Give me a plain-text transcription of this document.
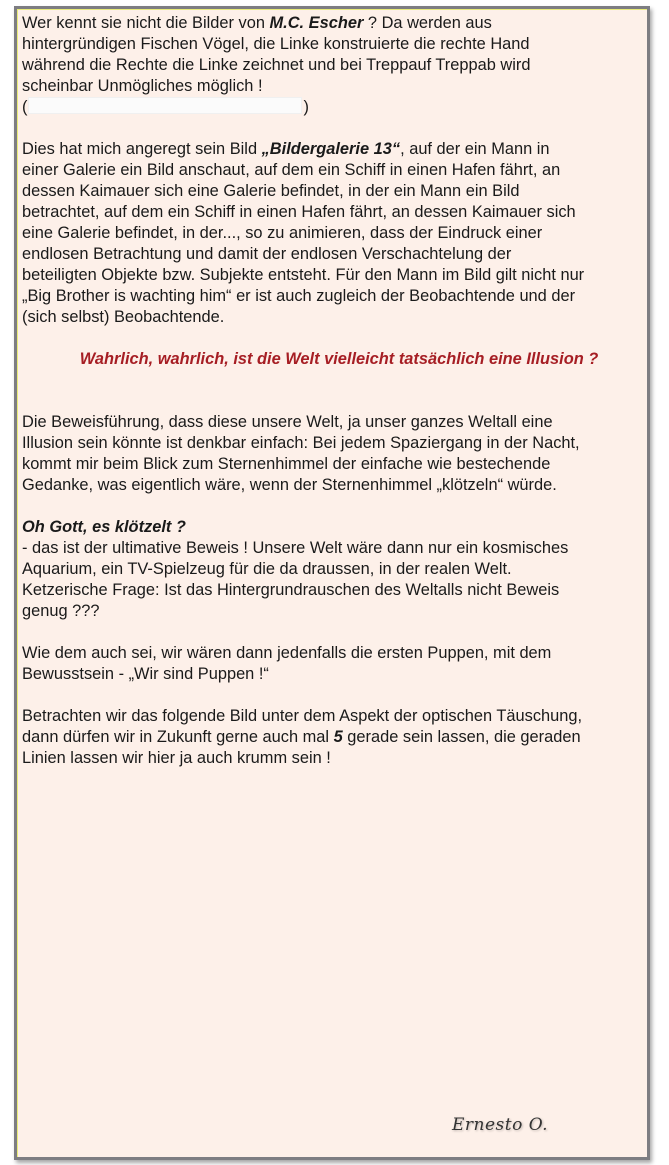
Wer kennt sie nicht die Bilder von M.C. Escher ? Da werden aus
hintergründigen Fischen Vögel, die Linke konstruierte die rechte Hand
während die Rechte die Linke zeichnet und bei Treppauf Treppab wird
scheinbar Unmögliches möglich !
(	)

Dies hat mich angeregt sein Bild „Bildergalerie 13“, auf der ein Mann in
einer Galerie ein Bild anschaut, auf dem ein Schiff in einen Hafen fährt, an
dessen Kaimauer sich eine Galerie befindet, in der ein Mann ein Bild
betrachtet, auf dem ein Schiff in einen Hafen fährt, an dessen Kaimauer sich
eine Galerie befindet, in der..., so zu animieren, dass der Eindruck einer
endlosen Betrachtung und damit der endlosen Verschachtelung der
beteiligten Objekte bzw. Subjekte entsteht. Für den Mann im Bild gilt nicht nur
„Big Brother is wachting him“ er ist auch zugleich der Beobachtende und der
(sich selbst) Beobachtende.

Wahrlich, wahrlich, ist die Welt vielleicht tatsächlich eine Illusion ?

Die Beweisführung, dass diese unsere Welt, ja unser ganzes Weltall eine
Illusion sein könnte ist denkbar einfach: Bei jedem Spaziergang in der Nacht,
kommt mir beim Blick zum Sternenhimmel der einfache wie bestechende
Gedanke, was eigentlich wäre, wenn der Sternenhimmel „klötzeln“ würde.

Oh Gott, es klötzelt ?
- das ist der ultimative Beweis ! Unsere Welt wäre dann nur ein kosmisches
Aquarium, ein TV-Spielzeug für die da draussen, in der realen Welt.
Ketzerische Frage: Ist das Hintergrundrauschen des Weltalls nicht Beweis
genug ???

Wie dem auch sei, wir wären dann jedenfalls die ersten Puppen, mit dem
Bewusstsein - „Wir sind Puppen !“

Betrachten wir das folgende Bild unter dem Aspekt der optischen Täuschung,
dann dürfen wir in Zukunft gerne auch mal 5 gerade sein lassen, die geraden
Linien lassen wir hier ja auch krumm sein !

Ernesto O.
